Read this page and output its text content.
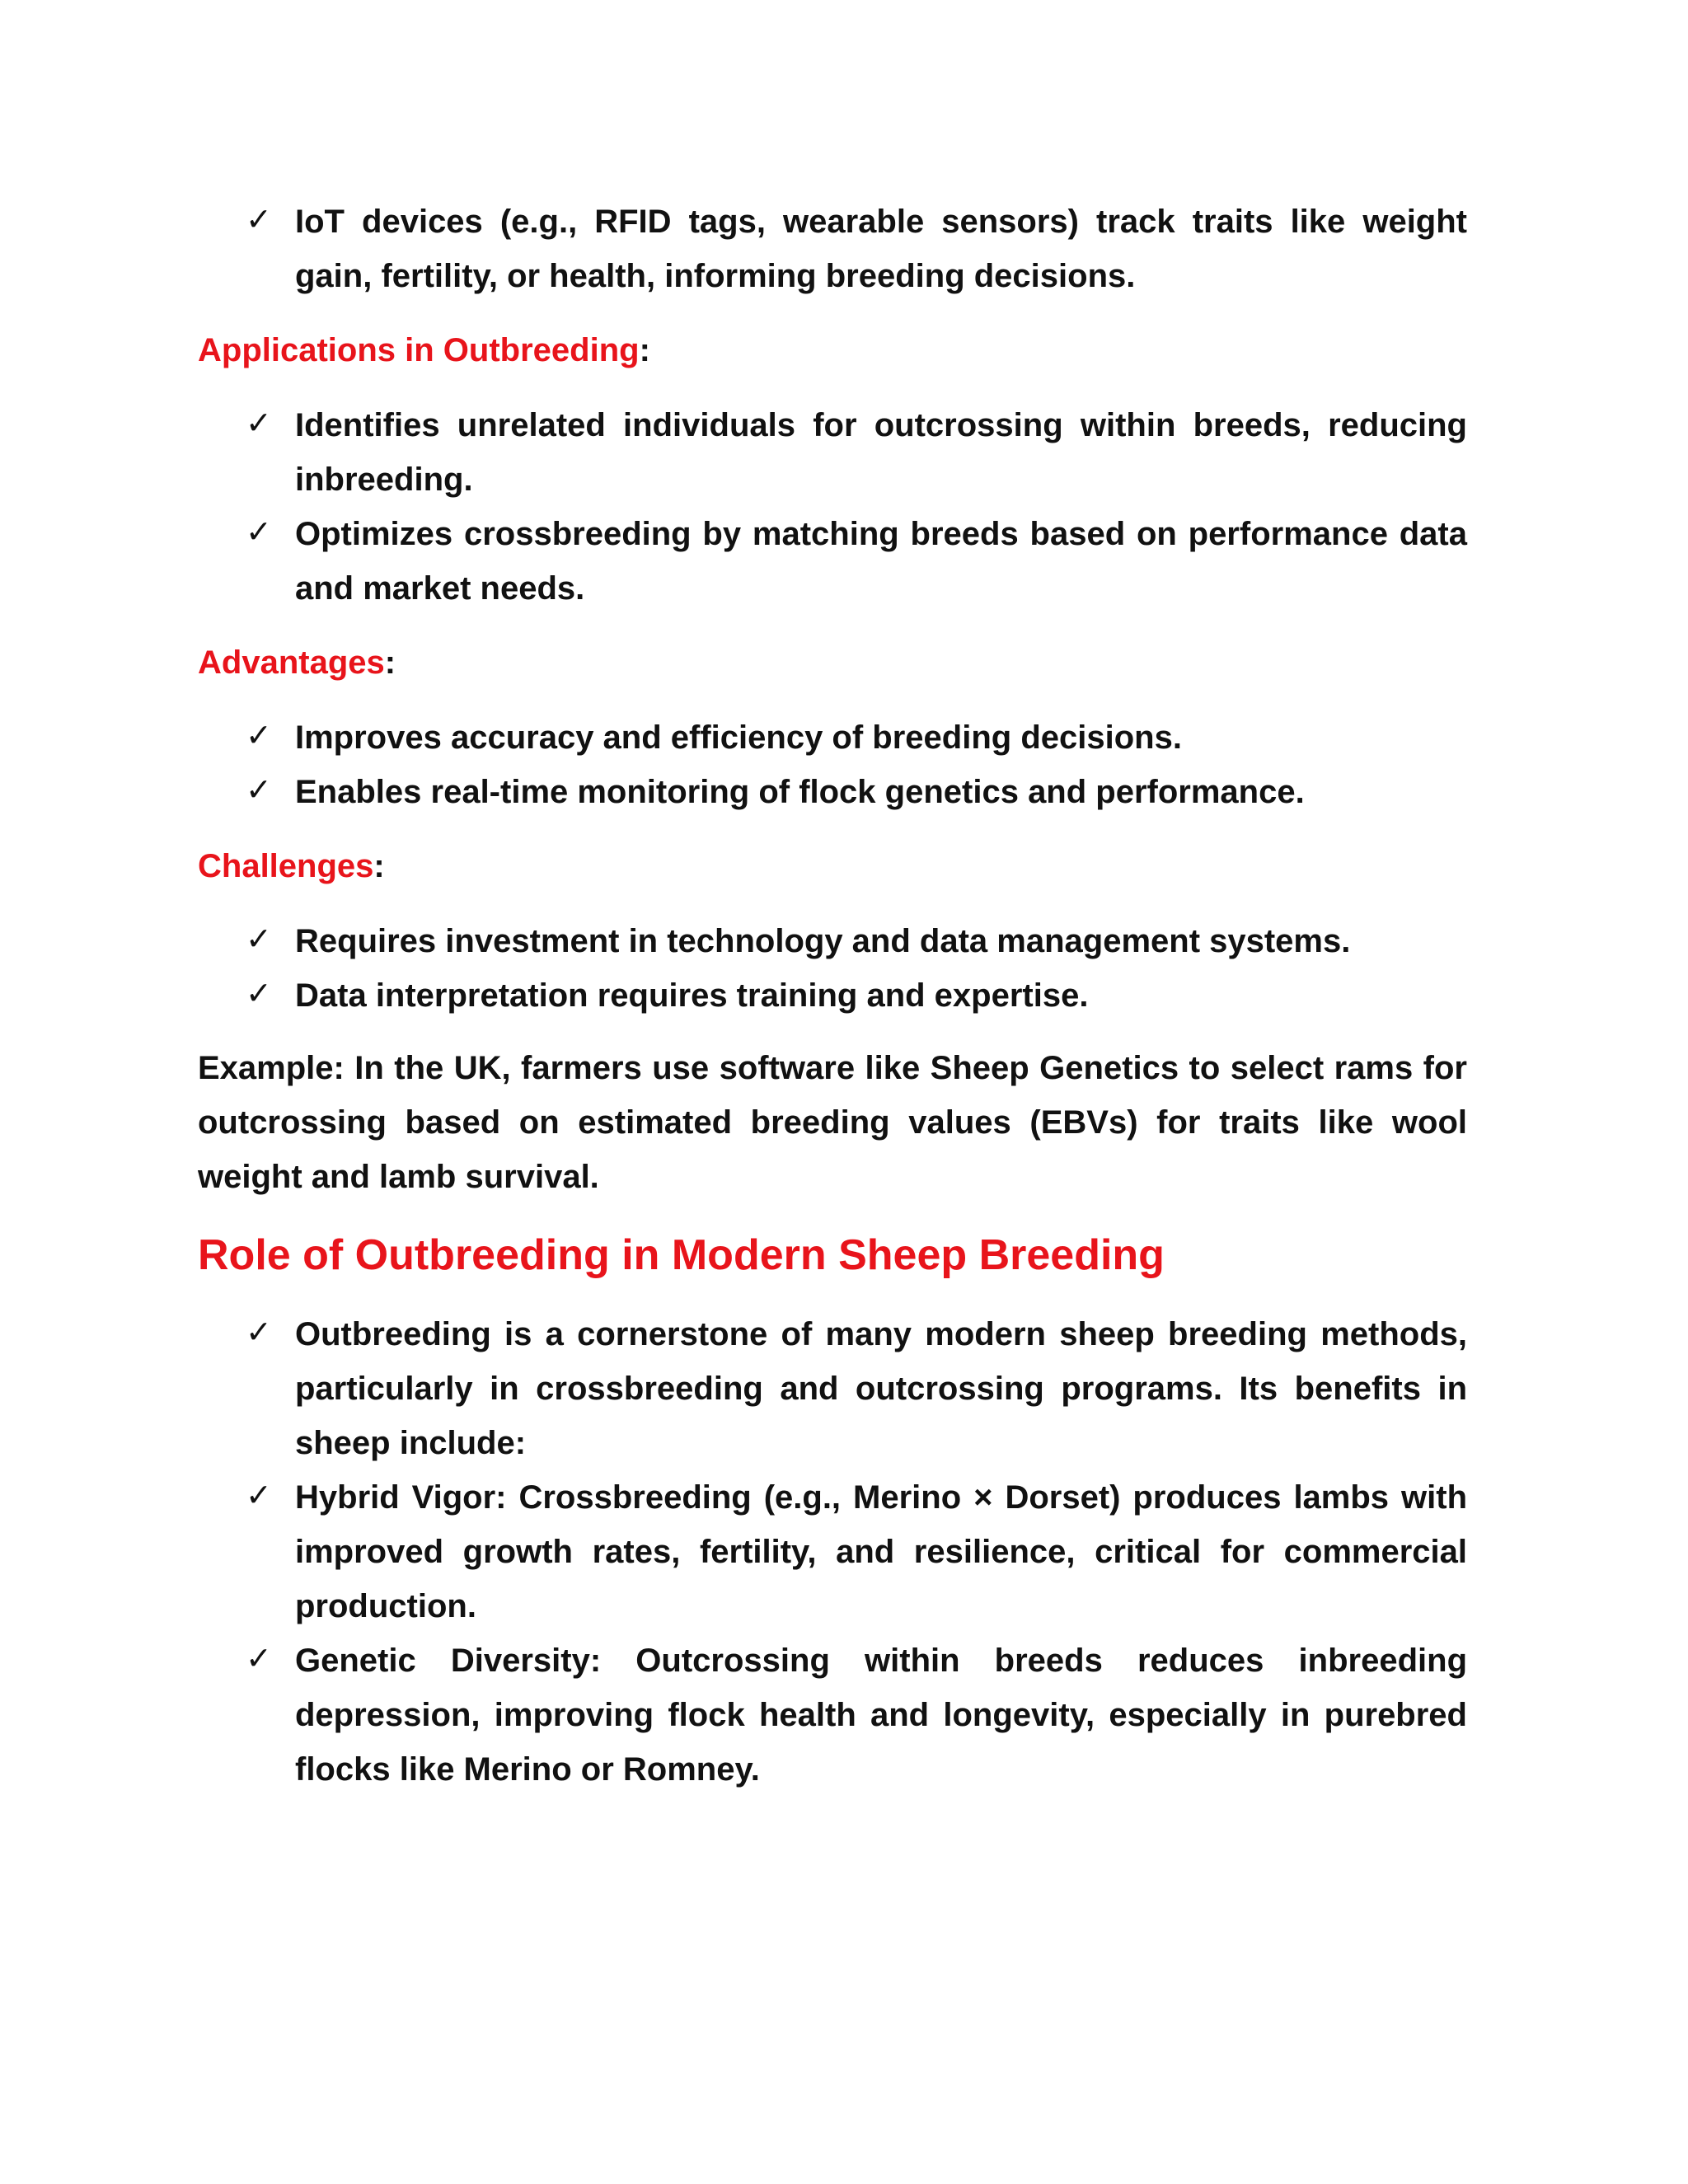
✓ IoT devices (e.g., RFID tags, wearable sensors) track traits like weight gain, fertility, or health, informing breeding decisions.
Applications in Outbreeding:
✓ Identifies unrelated individuals for outcrossing within breeds, reducing inbreeding.
✓ Optimizes crossbreeding by matching breeds based on performance data and market needs.
Advantages:
✓ Improves accuracy and efficiency of breeding decisions.
✓ Enables real-time monitoring of flock genetics and performance.
Challenges:
✓ Requires investment in technology and data management systems.
✓ Data interpretation requires training and expertise.

Example: In the UK, farmers use software like Sheep Genetics to select rams for outcrossing based on estimated breeding values (EBVs) for traits like wool weight and lamb survival.

Role of Outbreeding in Modern Sheep Breeding
✓ Outbreeding is a cornerstone of many modern sheep breeding methods, particularly in crossbreeding and outcrossing programs. Its benefits in sheep include:
✓ Hybrid Vigor: Crossbreeding (e.g., Merino × Dorset) produces lambs with improved growth rates, fertility, and resilience, critical for commercial production.
✓ Genetic Diversity: Outcrossing within breeds reduces inbreeding depression, improving flock health and longevity, especially in purebred flocks like Merino or Romney.
